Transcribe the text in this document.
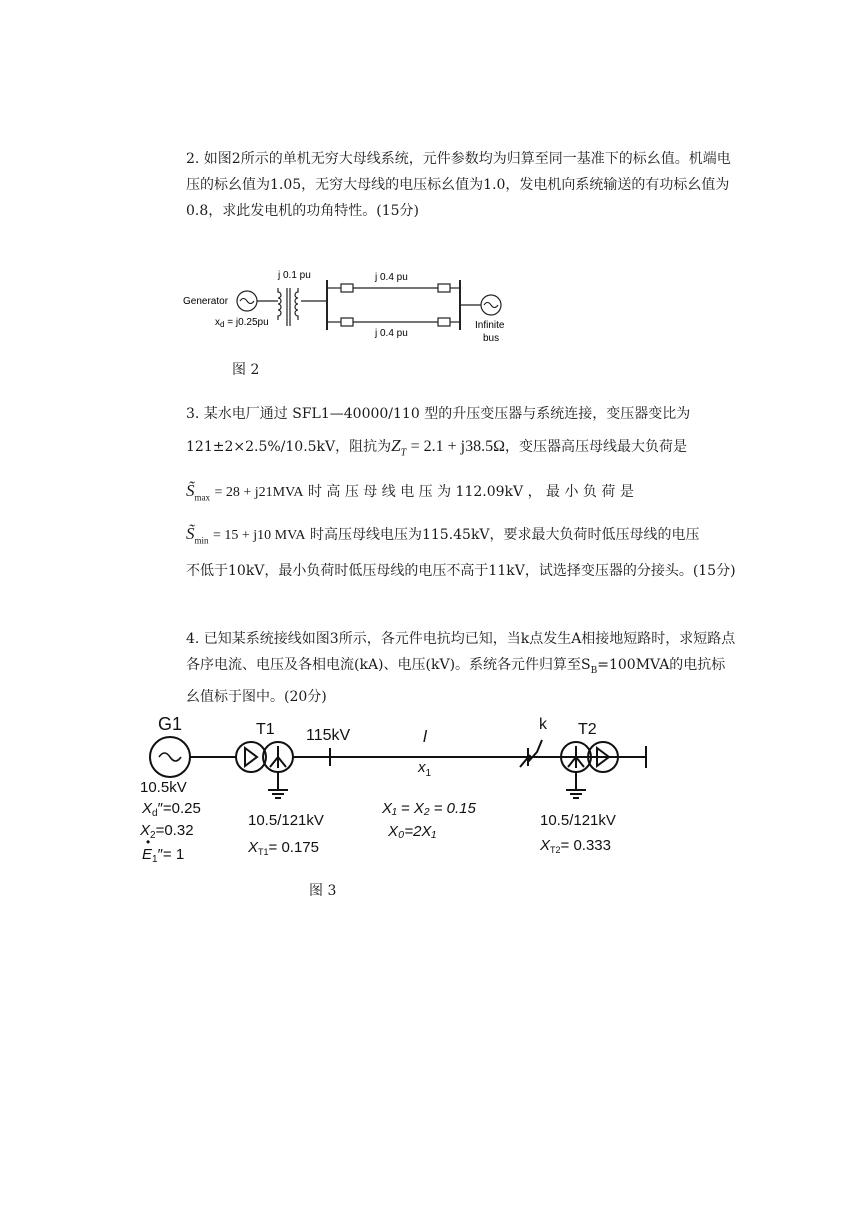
2. 如图2所示的单机无穷大母线系统，元件参数均为归算至同一基准下的标幺值。机端电压的标幺值为1.05，无穷大母线的电压标幺值为1.0，发电机向系统输送的有功标幺值为0.8，求此发电机的功角特性。(15分)

Generator
$x_d = j0.25pu$
j 0.1 pu	j 0.4 pu
j 0.4 pu
Infinite
bus
图 2
3. 某水电厂通过 SFL1—40000/110 型的升压变压器与系统连接，变压器变比为
121±2×2.5%/10.5kV，阻抗为$Z_T = 2.1 + j38.5\Omega$，变压器高压母线最大负荷是
$S̃_{max} = 28 + j21MVA$ 时 高 压 母 线 电 压 为 112.09kV ， 最 小 负 荷 是
$S̃_{min} = 15 + j10$ MVA 时高压母线电压为115.45kV，要求最大负荷时低压母线的电压
不低于10kV，最小负荷时低压母线的电压不高于11kV，试选择变压器的分接头。(15分)

4. 已知某系统接线如图3所示，各元件电抗均已知，当k点发生A相接地短路时，求短路点各序电流、电压及各相电流(kA)、电压(kV)。系统各元件归算至$S_B=100MVA$的电抗标幺值标于图中。(20分)

G1	T1 115kV	l
$x_1$
k T2
10.5kV
$X_d''=0.25$
$X_2=0.32$
$E_1''= 1$
•
10.5/121kV
$X_{T1}= 0.175$
X₁ = X₂ = 0.15
X₀=2X₁
10.5/121kV
$X_{T2}= 0.333$
图 3
